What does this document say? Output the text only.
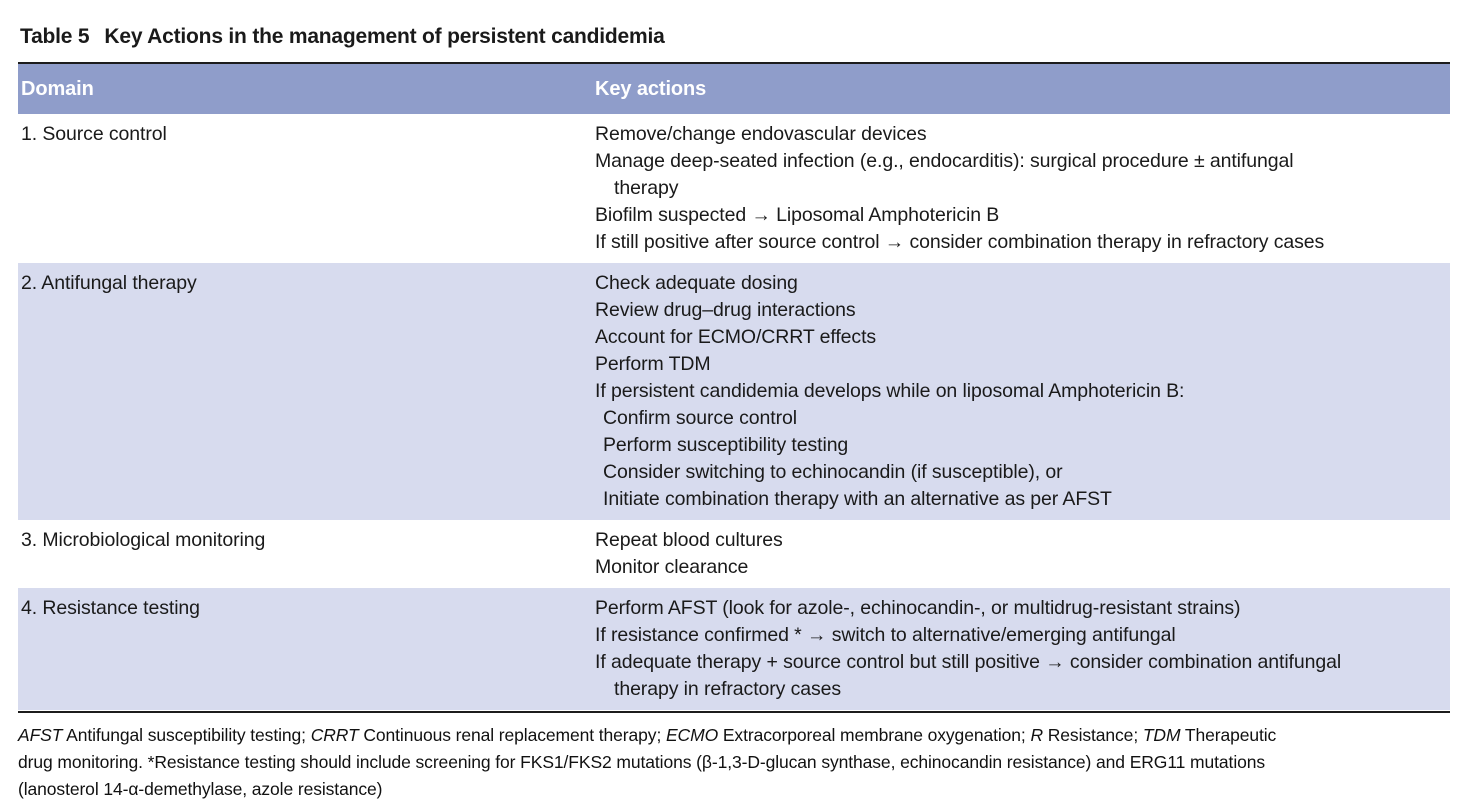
Table 5 Key Actions in the management of persistent candidemia
Domain	Key actions
1. Source control	Remove/change endovascular devices
Manage deep-seated infection (e.g., endocarditis): surgical procedure ± antifungal
therapy
Biofilm suspected → Liposomal Amphotericin B
If still positive after source control → consider combination therapy in refractory cases
2. Antifungal therapy	Check adequate dosing
Review drug–drug interactions
Account for ECMO/CRRT effects
Perform TDM
If persistent candidemia develops while on liposomal Amphotericin B:
Confirm source control
Perform susceptibility testing
Consider switching to echinocandin (if susceptible), or
Initiate combination therapy with an alternative as per AFST
3. Microbiological monitoring	Repeat blood cultures
Monitor clearance
4. Resistance testing	Perform AFST (look for azole-, echinocandin-, or multidrug-resistant strains)
If resistance confirmed * → switch to alternative/emerging antifungal
If adequate therapy + source control but still positive → consider combination antifungal
therapy in refractory cases
AFST Antifungal susceptibility testing; CRRT Continuous renal replacement therapy; ECMO Extracorporeal membrane oxygenation; R Resistance; TDM Therapeutic
drug monitoring. *Resistance testing should include screening for FKS1/FKS2 mutations (β-1,3-D-glucan synthase, echinocandin resistance) and ERG11 mutations
(lanosterol 14-α-demethylase, azole resistance)
